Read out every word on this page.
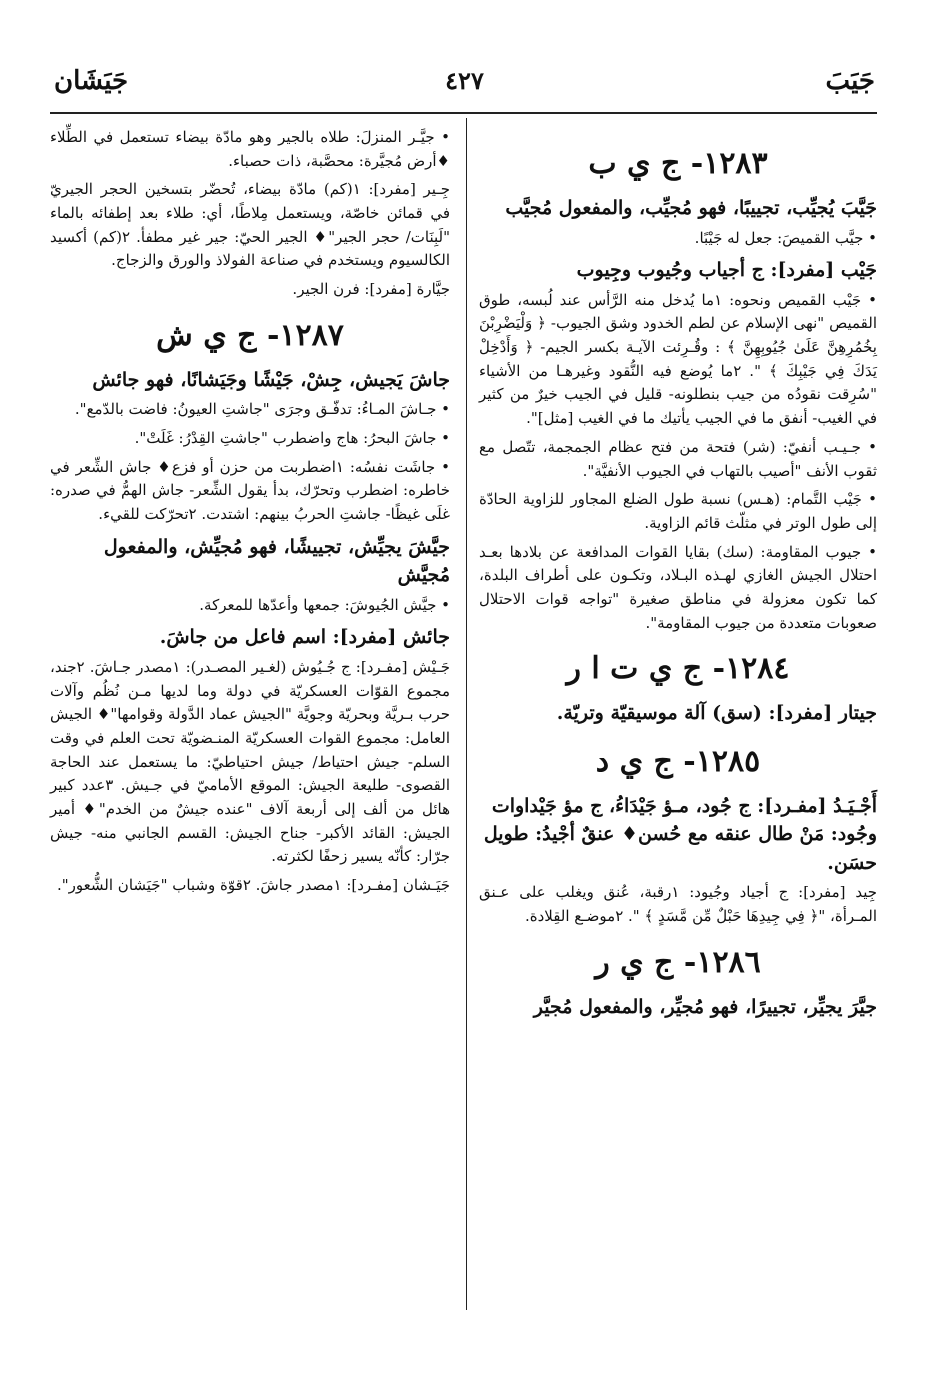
جَيَبَ
٤٢٧
جَيَشَان
١٢٨٣- ج ي ب

جَيَّبَ يُجيِّب، تجييبًا، فهو مُجيِّب، والمفعول مُجيَّب

• جيَّب القميصَ: جعل له جَيْبًا.

جَيْب [مفرد]: ج أجياب وجُيوب وجِيوب

• جَيْب القميص ونحوه: ١ما يُدخل منه الرَّأس عند لُبسه، طوق القميص "نهى الإسلام عن لطم الخدود وشق الجيوب- ﴿ وَلْيَضْرِبْنَ بِخُمُرِهِنَّ عَلَىٰ جُيُوبِهِنَّ ﴾ : وقُـرِئت الآيـة بكسر الجيم- ﴿ وَأَدْخِلْ يَدَكَ فِي جَيْبِكَ ﴾ ". ٢ما يُوضع فيه النُّقود وغيرهـا من الأشياء "سُرِقت نقودُه من جيب بنطلونه- قليل في الجيب خيرٌ من كثير في الغيب- أنفق ما في الجيب يأتيك ما في الغيب [مثل]".

• جـيـب أنفيّ: (شر) فتحة من فتح عظام الجمجمة، تتّصل مع ثقوب الأنف "أصيب بالتهاب في الجيوب الأنفيَّة".

• جَيْب التَّمام: (هـس) نسبة طول الضلع المجاور للزاوية الحادّة إلى طول الوتر في مثلّث قائم الزاوية.

• جيوب المقاومة: (سك) بقايا القوات المدافعة عن بلادها بعـد احتلال الجيش الغازي لهـذه البـلاد، وتكـون على أطراف البلدة، كما تكون معزولة في مناطق صغيرة "تواجه قوات الاحتلال صعوبات متعددة من جيوب المقاومة".

١٢٨٤- ج ي ت ا ر

جيتار [مفرد]: (سق) آلة موسيقيّة وتريّة.

١٢٨٥- ج ي د

أَجْـيَـدُ [مفـرد]: ج جُود، مـؤ جَيْدَاءُ، ج مؤ جَيْداوات وجُود: مَنْ طال عنقه مع حُسن♦ عنقٌ أجْيدُ: طويل حسَن.

جِيد [مفرد]: ج أجياد وجُيود: ١رقبة، عُنق ويغلب على عـنق المـرأة، "﴿ فِي جِيدِهَا حَبْلٌ مِّن مَّسَدٍ ﴾ ". ٢موضـع القِلادة.

١٢٨٦- ج ي ر

جيَّرَ يجيِّر، تجييرًا، فهو مُجيِّر، والمفعول مُجيَّر

• جيَّـر المنزلَ: طلاه بالجير وهو مادّة بيضاء تستعمل في الطِّلاء ♦أرض مُجيَّرة: محصَّبة، ذات حصباء.

جِـير [مفرد]: ١(كم) مادّة بيضاء، تُحضّر بتسخين الحجر الجيريّ في قمائن خاصّة، ويستعمل مِلاطًا، أي: طلاء بعد إطفائه بالماء "لَبِنَات/ حجر الجير"♦ الجير الحيّ: جير غير مطفأ. ٢(كم) أكسيد الكالسيوم ويستخدم في صناعة الفولاذ والورق والزجاج.

جيَّارة [مفرد]: فرن الجير.

١٢٨٧- ج ي ش

جاشَ يَجيش، جِشْ، جَيْشًا وجَيَشانًا، فهو جائش

• جـاشَ المـاءُ: تدفّـق وجرَى "جاشتِ العيونُ: فاضت بالدّمع".

• جاشَ البحرُ: هاج واضطرب "جاشتِ القِدْرُ: غَلَتْ".

• جاشَت نفسُه: ١اضطربت من حزن أو فزع♦ جاش الشِّعر في خاطره: اضطرب وتحرّك، بدأ يقول الشِّعر- جاش الهمُّ في صدره: غلَى غيظًا- جاشتِ الحربُ بينهم: اشتدت. ٢تحرّكت للقيء.

جيَّشَ يجيِّش، تجييشًا، فهو مُجيِّش، والمفعول مُجيَّش

• جيَّش الجُيوشَ: جمعها وأعدّها للمعركة.

جائش [مفرد]: اسم فاعل من جاشَ.

جَـيْش [مفـرد]: ج جُـيُوش (لغـير المصـدر): ١مصدر جـاشَ. ٢جند، مجموع القوّات العسكريّة في دولة وما لديها مـن نُظُم وآلات حرب بـريَّة وبحريّة وجويَّة "الجيش عماد الدَّولة وقوامها"♦ الجيش العامل: مجموع القوات العسكريّة المنـضويّة تحت العلم في وقت السلم- جيش احتياط/ جيش احتياطيّ: ما يستعمل عند الحاجة القصوى- طليعة الجيش: الموقع الأماميّ في جـيش. ٣عدد كبير هائل من ألف إلى أربعة آلاف "عنده جيشٌ من الخدم"♦ أمير الجيش: القائد الأكبر- جناح الجيش: القسم الجانبي منه- جيش جرّار: كأنّه يسير زحفًا لكثرته.

جَيَـشان [مفـرد]: ١مصدر جاشَ. ٢قوّة وشباب "جَيَشان الشُّعور".
